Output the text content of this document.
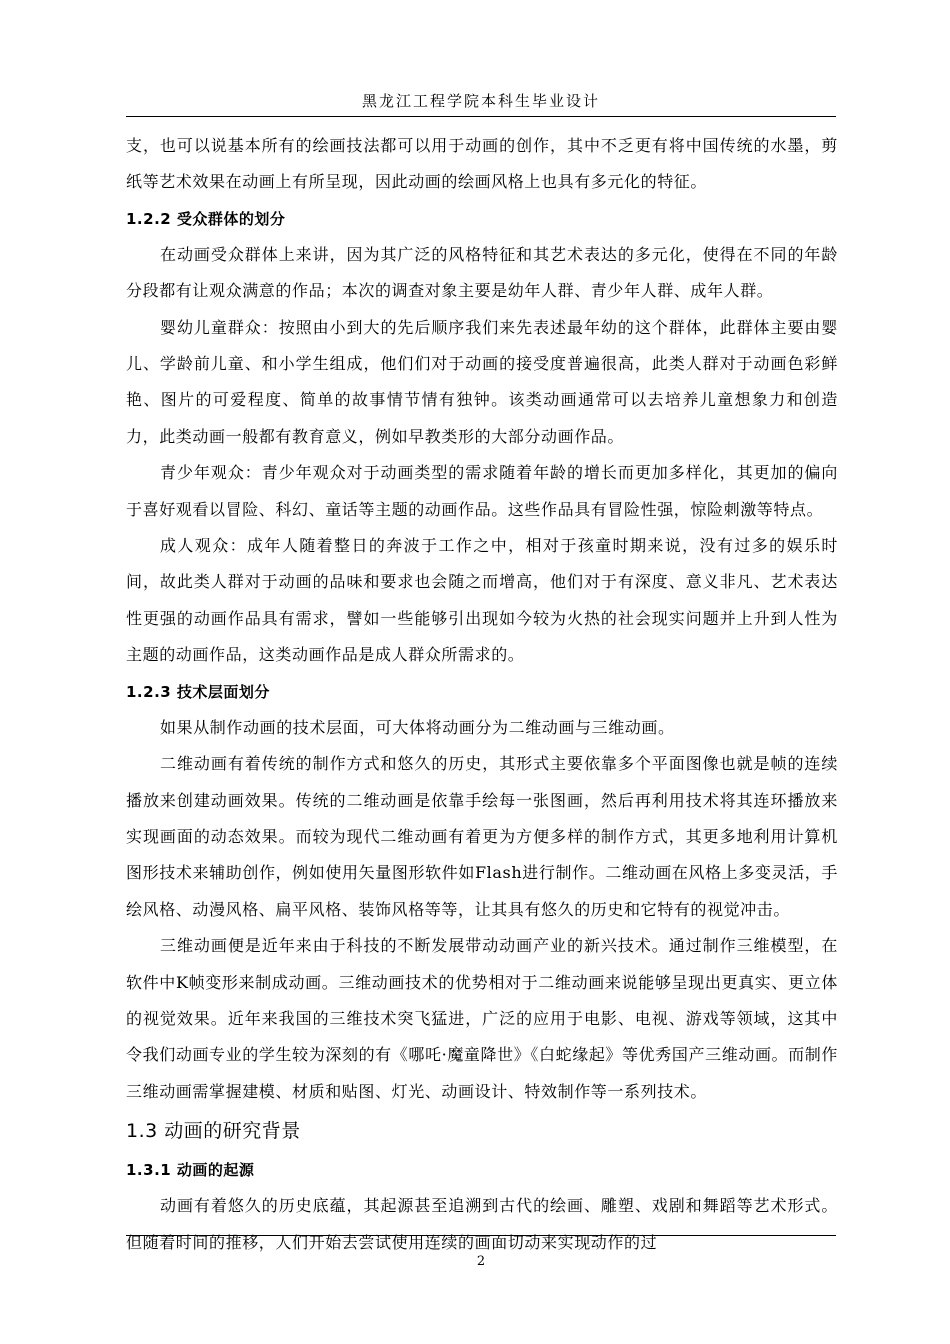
黑龙江工程学院本科生毕业设计

支，也可以说基本所有的绘画技法都可以用于动画的创作，其中不乏更有将中国传统的水墨，剪纸等艺术效果在动画上有所呈现，因此动画的绘画风格上也具有多元化的特征。

1.2.2 受众群体的划分

在动画受众群体上来讲，因为其广泛的风格特征和其艺术表达的多元化，使得在不同的年龄分段都有让观众满意的作品；本次的调查对象主要是幼年人群、青少年人群、成年人群。

婴幼儿童群众：按照由小到大的先后顺序我们来先表述最年幼的这个群体，此群体主要由婴儿、学龄前儿童、和小学生组成，他们们对于动画的接受度普遍很高，此类人群对于动画色彩鲜艳、图片的可爱程度、简单的故事情节情有独钟。该类动画通常可以去培养儿童想象力和创造力，此类动画一般都有教育意义，例如早教类形的大部分动画作品。

青少年观众：青少年观众对于动画类型的需求随着年龄的增长而更加多样化，其更加的偏向于喜好观看以冒险、科幻、童话等主题的动画作品。这些作品具有冒险性强，惊险刺激等特点。

成人观众：成年人随着整日的奔波于工作之中，相对于孩童时期来说，没有过多的娱乐时间，故此类人群对于动画的品味和要求也会随之而增高，他们对于有深度、意义非凡、艺术表达性更强的动画作品具有需求，譬如一些能够引出现如今较为火热的社会现实问题并上升到人性为主题的动画作品，这类动画作品是成人群众所需求的。

1.2.3 技术层面划分

如果从制作动画的技术层面，可大体将动画分为二维动画与三维动画。

二维动画有着传统的制作方式和悠久的历史，其形式主要依靠多个平面图像也就是帧的连续播放来创建动画效果。传统的二维动画是依靠手绘每一张图画，然后再利用技术将其连环播放来实现画面的动态效果。而较为现代二维动画有着更为方便多样的制作方式，其更多地利用计算机图形技术来辅助创作，例如使用矢量图形软件如Flash进行制作。二维动画在风格上多变灵活，手绘风格、动漫风格、扁平风格、装饰风格等等，让其具有悠久的历史和它特有的视觉冲击。

三维动画便是近年来由于科技的不断发展带动动画产业的新兴技术。通过制作三维模型，在软件中K帧变形来制成动画。三维动画技术的优势相对于二维动画来说能够呈现出更真实、更立体的视觉效果。近年来我国的三维技术突飞猛进，广泛的应用于电影、电视、游戏等领域，这其中令我们动画专业的学生较为深刻的有《哪吒·魔童降世》《白蛇缘起》等优秀国产三维动画。而制作三维动画需掌握建模、材质和贴图、灯光、动画设计、特效制作等一系列技术。

1.3 动画的研究背景
1.3.1 动画的起源

动画有着悠久的历史底蕴，其起源甚至追溯到古代的绘画、雕塑、戏剧和舞蹈等艺术形式。但随着时间的推移，人们开始去尝试使用连续的画面切动来实现动作的过

2
